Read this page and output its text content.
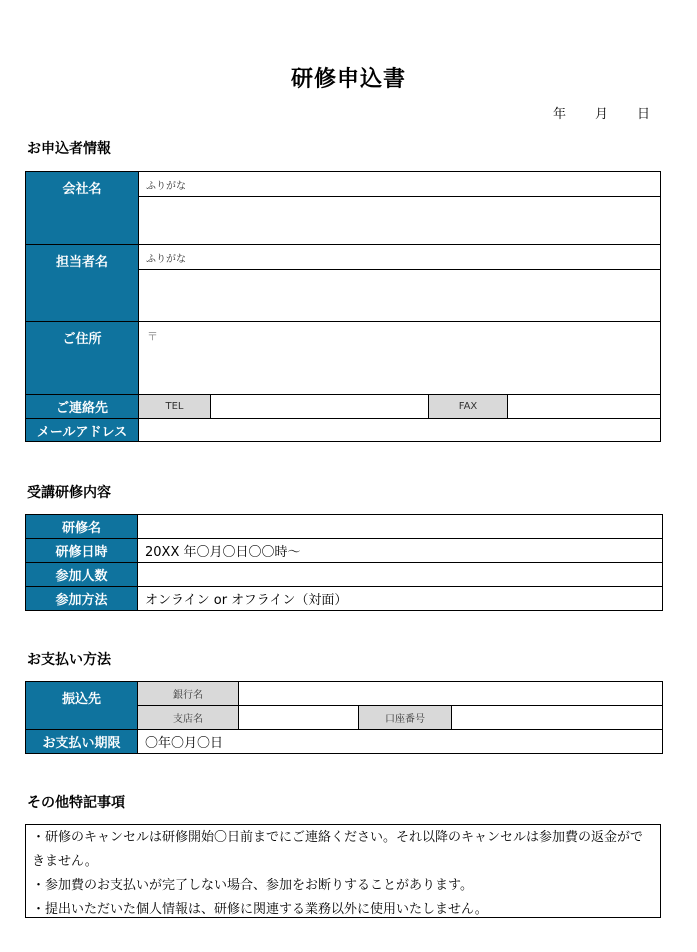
研修申込書
年 月 日
お申込者情報
会社名	ふりがな			

担当者名	ふりがな			

ご住所	〒			
ご連絡先	TEL		FAX	
メールアドレス				
受講研修内容
研修名	
研修日時	20XX 年〇月〇日〇〇時～
参加人数	
参加方法	オンライン or オフライン（対面）
お支払い方法
振込先	銀行名			
	支店名		口座番号	
お支払い期限	〇年〇月〇日			
その他特記事項

・研修のキャンセルは研修開始〇日前までにご連絡ください。それ以降のキャンセルは参加費の返金ができません。

・参加費のお支払いが完了しない場合、参加をお断りすることがあります。

・提出いただいた個人情報は、研修に関連する業務以外に使用いたしません。
